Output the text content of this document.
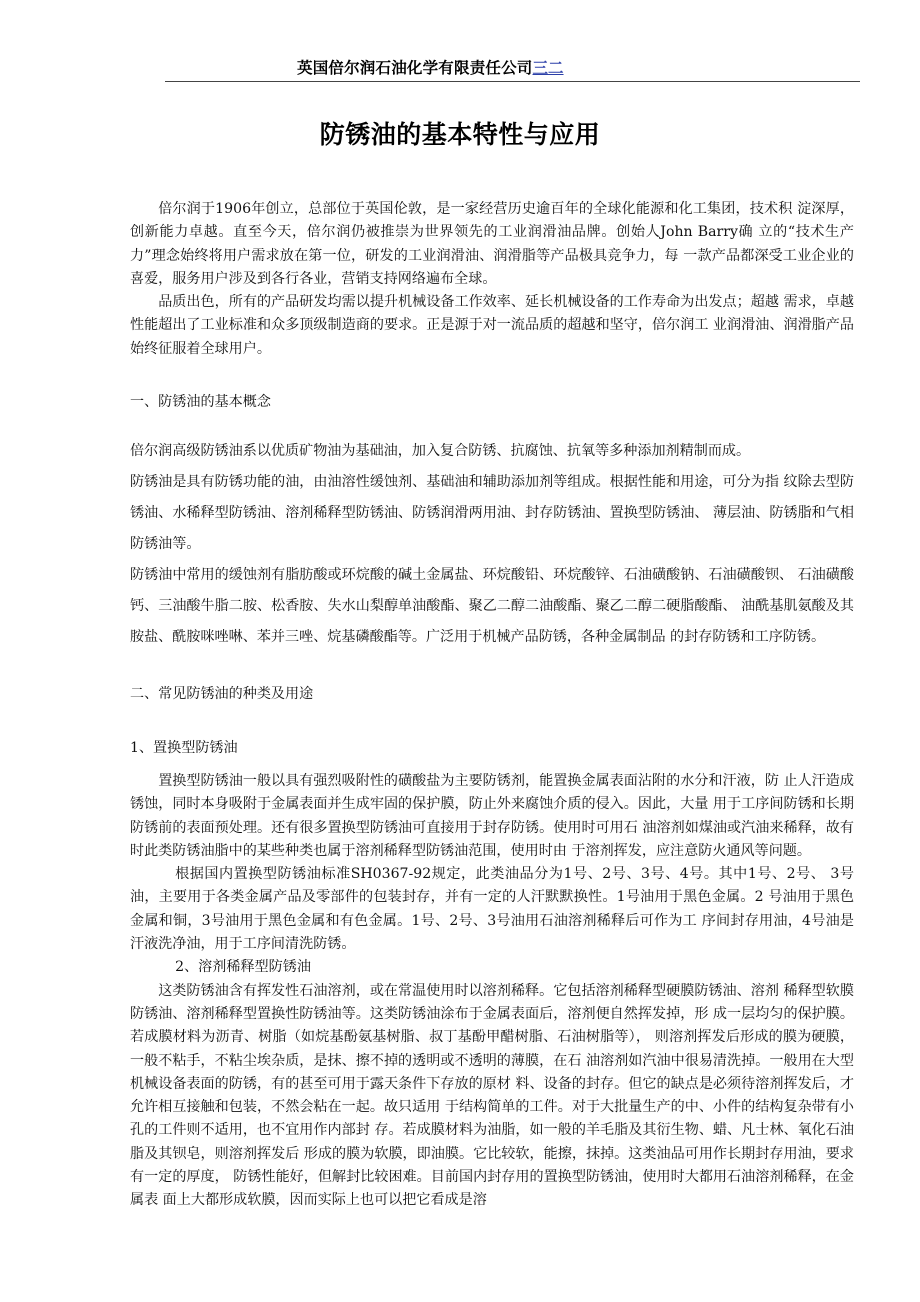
英国倍尔润石油化学有限责任公司三二
防锈油的基本特性与应用

倍尔润于1906年创立，总部位于英国伦敦，是一家经营历史逾百年的全球化能源和化工集团，技术积 淀深厚，创新能力卓越。直至今天，倍尔润仍被推崇为世界领先的工业润滑油品牌。创始人John Barry确 立的“技术生产力”理念始终将用户需求放在第一位，研发的工业润滑油、润滑脂等产品极具竞争力，每 一款产品都深受工业企业的喜爱，服务用户涉及到各行各业，营销支持网络遍布全球。

品质出色，所有的产品研发均需以提升机械设备工作效率、延长机械设备的工作寿命为出发点；超越 需求，卓越性能超出了工业标准和众多顶级制造商的要求。正是源于对一流品质的超越和坚守，倍尔润工 业润滑油、润滑脂产品始终征服着全球用户。

一、防锈油的基本概念

倍尔润高级防锈油系以优质矿物油为基础油，加入复合防锈、抗腐蚀、抗氧等多种添加剂精制而成。

防锈油是具有防锈功能的油，由油溶性缓蚀剂、基础油和辅助添加剂等组成。根据性能和用途，可分为指 纹除去型防锈油、水稀释型防锈油、溶剂稀释型防锈油、防锈润滑两用油、封存防锈油、置换型防锈油、 薄层油、防锈脂和气相防锈油等。

防锈油中常用的缓蚀剂有脂肪酸或环烷酸的碱土金属盐、环烷酸铅、环烷酸锌、石油磺酸钠、石油磺酸钡、 石油磺酸钙、三油酸牛脂二胺、松香胺、失水山梨醇单油酸酯、聚乙二醇二油酸酯、聚乙二醇二硬脂酸酯、 油酰基肌氨酸及其胺盐、酰胺咪唑啉、苯并三唑、烷基磷酸酯等。广泛用于机械产品防锈，各种金属制品 的封存防锈和工序防锈。

二、常见防锈油的种类及用途
1、置换型防锈油

置换型防锈油一般以具有强烈吸附性的磺酸盐为主要防锈剂，能置换金属表面沾附的水分和汗液，防 止人汗造成锈蚀，同时本身吸附于金属表面并生成牢固的保护膜，防止外来腐蚀介质的侵入。因此，大量 用于工序间防锈和长期防锈前的表面预处理。还有很多置换型防锈油可直接用于封存防锈。使用时可用石 油溶剂如煤油或汽油来稀释，故有时此类防锈油脂中的某些种类也属于溶剂稀释型防锈油范围，使用时由 于溶剂挥发，应注意防火通风等问题。

根据国内置换型防锈油标准SH0367-92规定，此类油品分为1号、2号、3号、4号。其中1号、2号、 3号油，主要用于各类金属产品及零部件的包装封存，并有一定的人汗默默换性。1号油用于黑色金属。2 号油用于黑色金属和铜，3号油用于黑色金属和有色金属。1号、2号、3号油用石油溶剂稀释后可作为工 序间封存用油，4号油是汗液洗净油，用于工序间清洗防锈。

2、溶剂稀释型防锈油

这类防锈油含有挥发性石油溶剂，或在常温使用时以溶剂稀释。它包括溶剂稀释型硬膜防锈油、溶剂 稀释型软膜防锈油、溶剂稀释型置换性防锈油等。这类防锈油涂布于金属表面后，溶剂便自然挥发掉，形 成一层均匀的保护膜。若成膜材料为沥青、树脂（如烷基酚氨基树脂、叔丁基酚甲醋树脂、石油树脂等）， 则溶剂挥发后形成的膜为硬膜，一般不粘手，不粘尘埃杂质，是抹、擦不掉的透明或不透明的薄膜，在石 油溶剂如汽油中很易清洗掉。一般用在大型机械设备表面的防锈，有的甚至可用于露天条件下存放的原材 料、设备的封存。但它的缺点是必须待溶剂挥发后，才允许相互接触和包装，不然会粘在一起。故只适用 于结构简单的工件。对于大批量生产的中、小件的结构复杂带有小孔的工件则不适用，也不宜用作内部封 存。若成膜材料为油脂，如一般的羊毛脂及其衍生物、蜡、凡士林、氧化石油脂及其钡皂，则溶剂挥发后 形成的膜为软膜，即油膜。它比较软，能擦，抹掉。这类油品可用作长期封存用油，要求有一定的厚度， 防锈性能好，但解封比较困难。目前国内封存用的置换型防锈油，使用时大都用石油溶剂稀释，在金属表 面上大都形成软膜，因而实际上也可以把它看成是溶
